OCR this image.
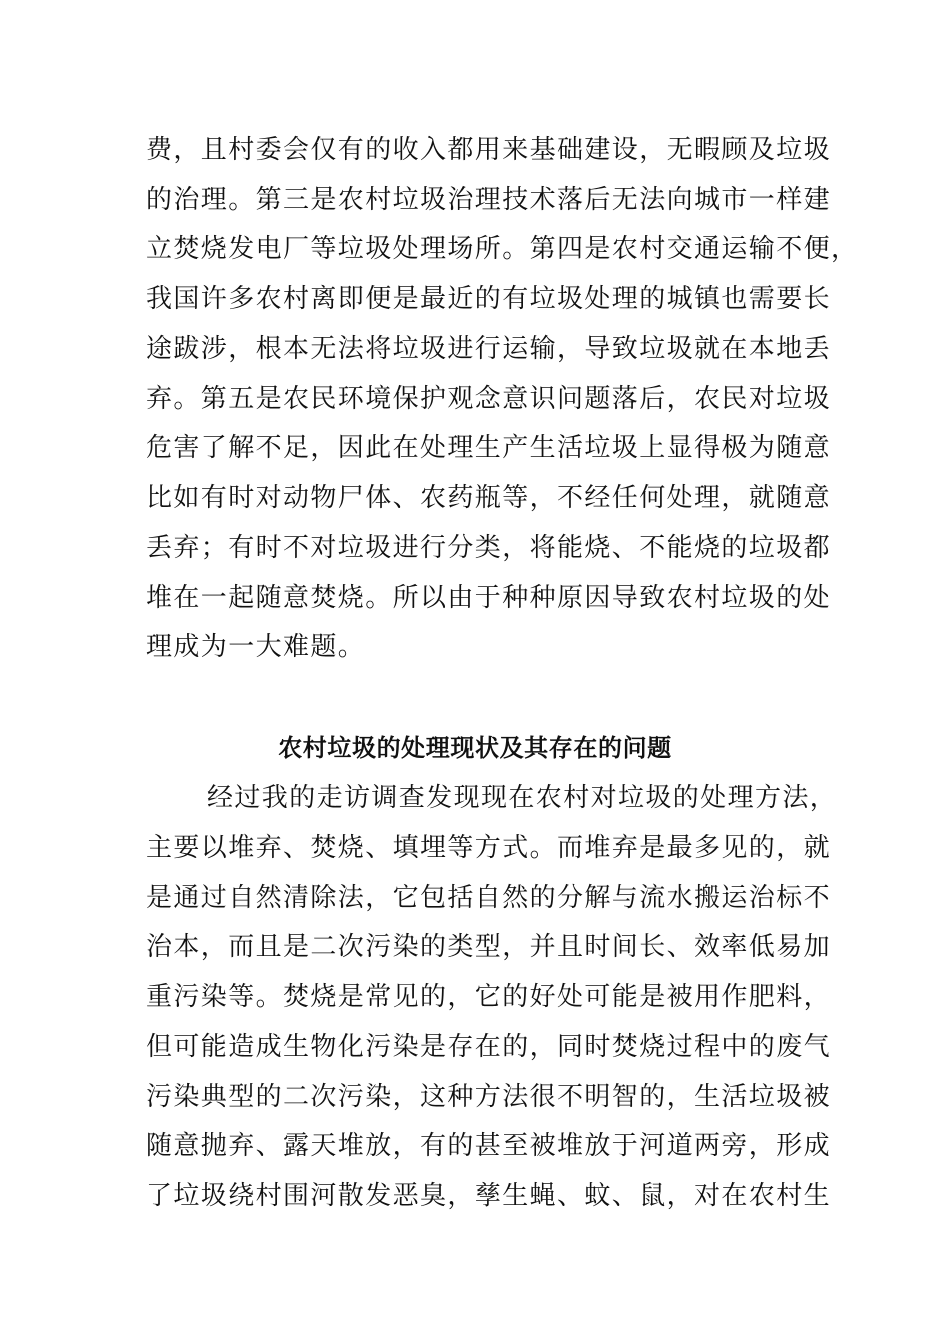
费，且村委会仅有的收入都用来基础建设，无暇顾及垃圾
的治理。第三是农村垃圾治理技术落后无法向城市一样建
立焚烧发电厂等垃圾处理场所。第四是农村交通运输不便，
我国许多农村离即便是最近的有垃圾处理的城镇也需要长
途跋涉，根本无法将垃圾进行运输，导致垃圾就在本地丢
弃。第五是农民环境保护观念意识问题落后，农民对垃圾
危害了解不足，因此在处理生产生活垃圾上显得极为随意
比如有时对动物尸体、农药瓶等，不经任何处理，就随意
丢弃；有时不对垃圾进行分类，将能烧、不能烧的垃圾都
堆在一起随意焚烧。所以由于种种原因导致农村垃圾的处
理成为一大难题。
农村垃圾的处理现状及其存在的问题
经过我的走访调查发现现在农村对垃圾的处理方法，
主要以堆弃、焚烧、填埋等方式。而堆弃是最多见的，就
是通过自然清除法，它包括自然的分解与流水搬运治标不
治本，而且是二次污染的类型，并且时间长、效率低易加
重污染等。焚烧是常见的，它的好处可能是被用作肥料，
但可能造成生物化污染是存在的，同时焚烧过程中的废气
污染典型的二次污染，这种方法很不明智的，生活垃圾被
随意抛弃、露天堆放，有的甚至被堆放于河道两旁，形成
了垃圾绕村围河散发恶臭，孳生蝇、蚊、鼠，对在农村生
